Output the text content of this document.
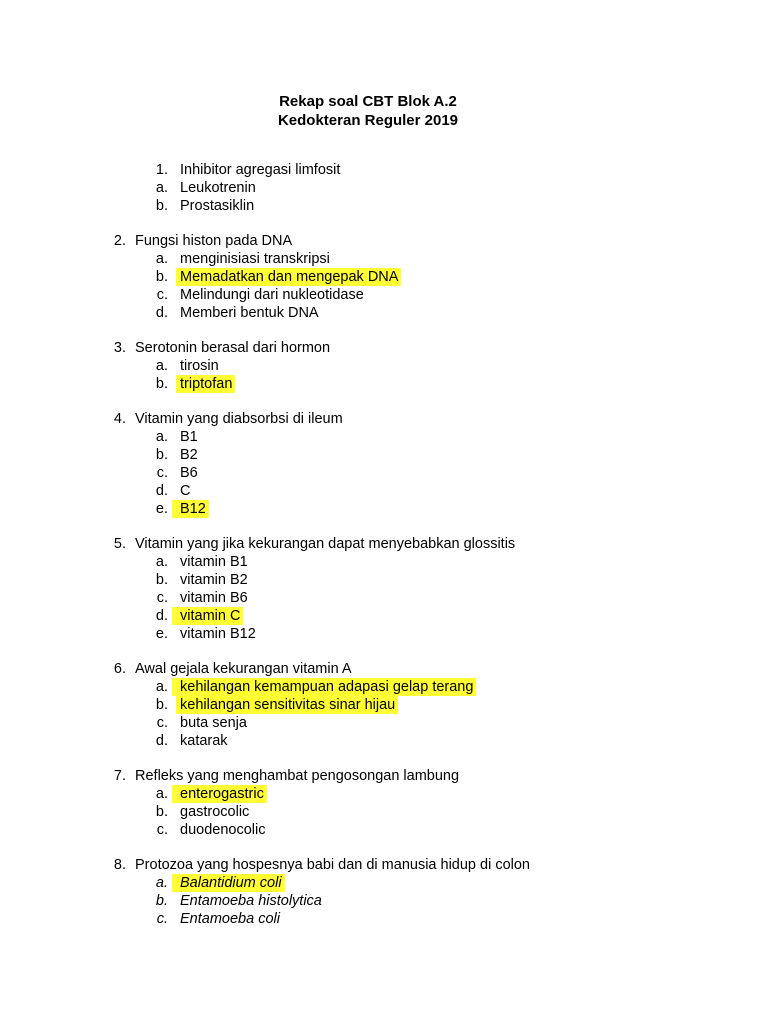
Rekap soal CBT Blok A.2
Kedokteran Reguler 2019
1. Inhibitor agregasi limfosit
a. Leukotrenin
b. Prostasiklin
2. Fungsi histon pada DNA
a. menginisiasi transkripsi
b. Memadatkan dan mengepak DNA
c. Melindungi dari nukleotidase
d. Memberi bentuk DNA
3. Serotonin berasal dari hormon
a. tirosin
b. triptofan
4. Vitamin yang diabsorbsi di ileum
a. B1
b. B2
c. B6
d. C
e. B12
5. Vitamin yang jika kekurangan dapat menyebabkan glossitis
a. vitamin B1
b. vitamin B2
c. vitamin B6
d. vitamin C
e. vitamin B12
6. Awal gejala kekurangan vitamin A
a. kehilangan kemampuan adapasi gelap terang
b. kehilangan sensitivitas sinar hijau
c. buta senja
d. katarak
7. Refleks yang menghambat pengosongan lambung
a. enterogastric
b. gastrocolic
c. duodenocolic
8. Protozoa yang hospesnya babi dan di manusia hidup di colon
a. Balantidium coli
b. Entamoeba histolytica
c. Entamoeba coli
